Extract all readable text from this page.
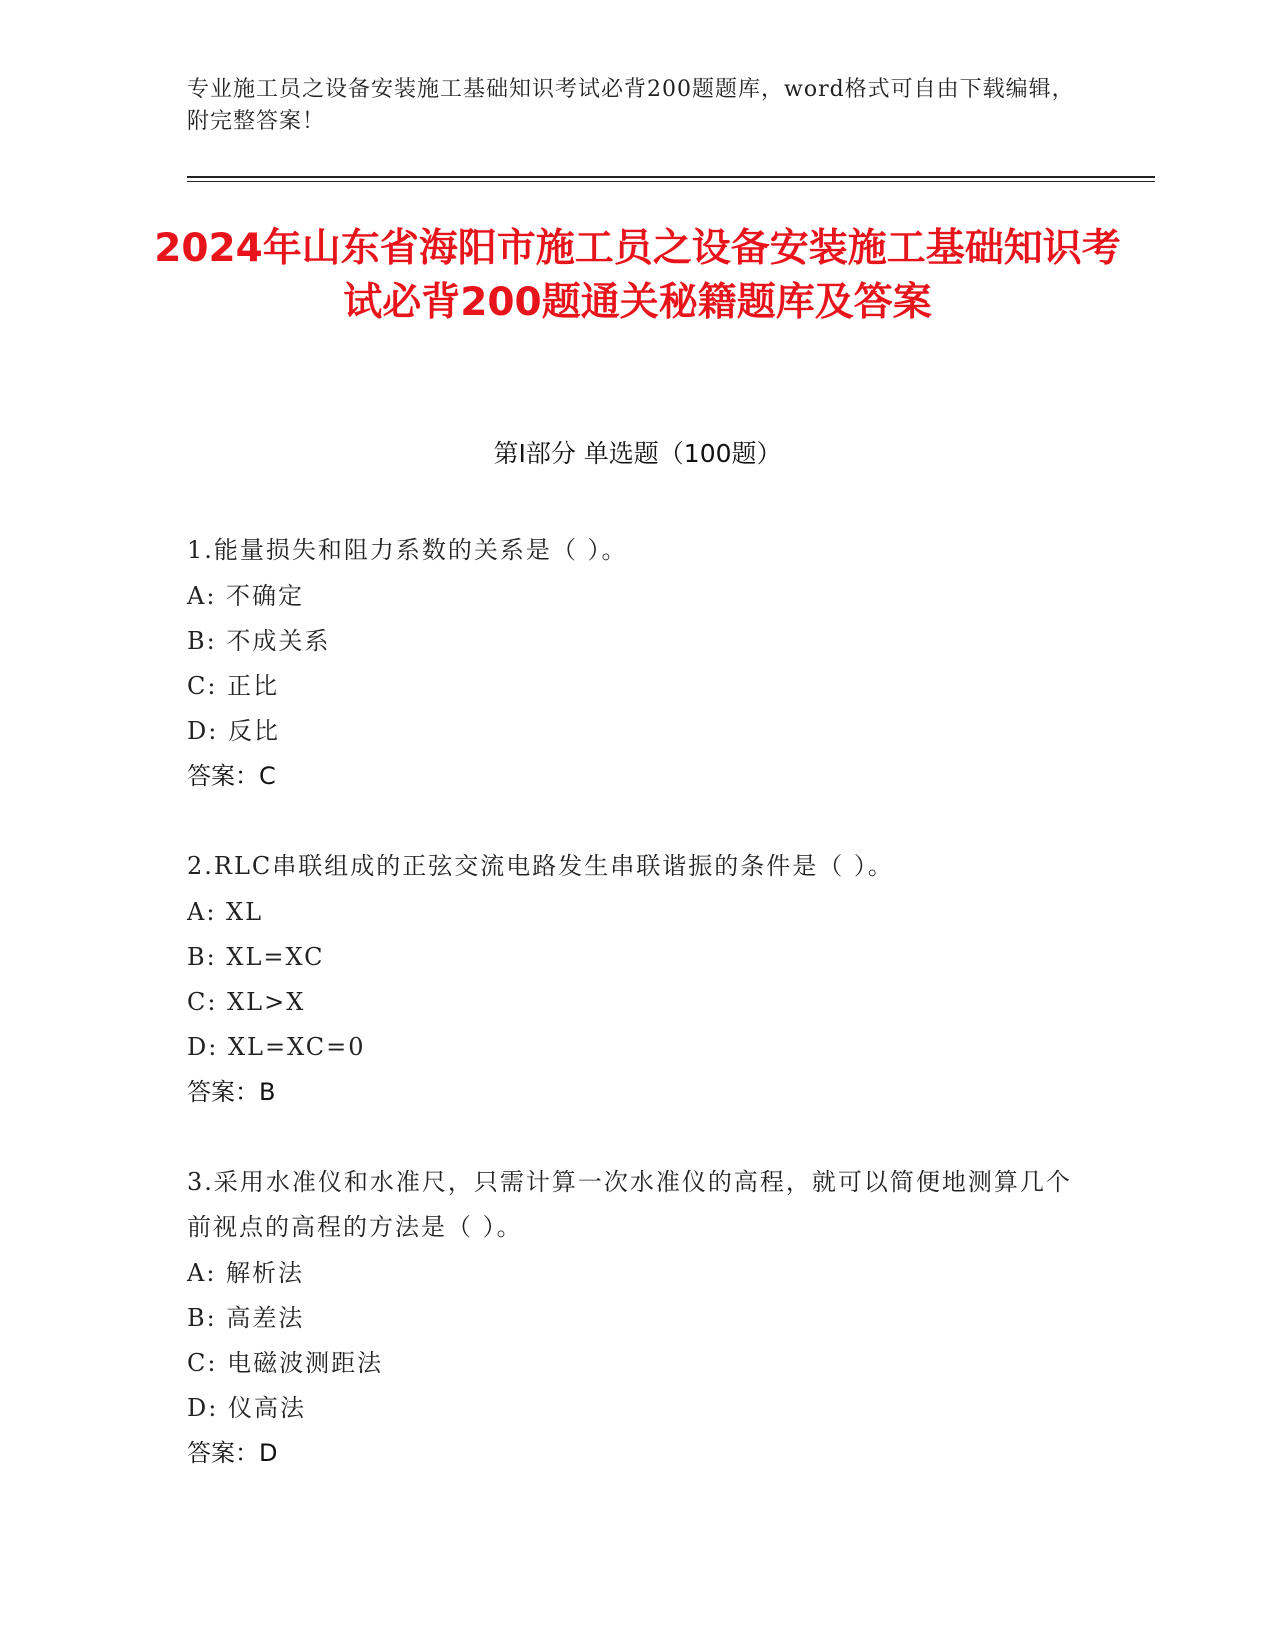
专业施工员之设备安装施工基础知识考试必背200题题库，word格式可自由下载编辑，附完整答案！
2024年山东省海阳市施工员之设备安装施工基础知识考试必背200题通关秘籍题库及答案
第I部分 单选题（100题）
1.能量损失和阻力系数的关系是（ ）。
A: 不确定
B: 不成关系
C: 正比
D: 反比
答案：C
2.RLC串联组成的正弦交流电路发生串联谐振的条件是（ ）。
A: XL
B: XL=XC
C: XL>X
D: XL=XC=0
答案：B
3.采用水准仪和水准尺，只需计算一次水准仪的高程，就可以简便地测算几个前视点的高程的方法是（ ）。
A: 解析法
B: 高差法
C: 电磁波测距法
D: 仪高法
答案：D
